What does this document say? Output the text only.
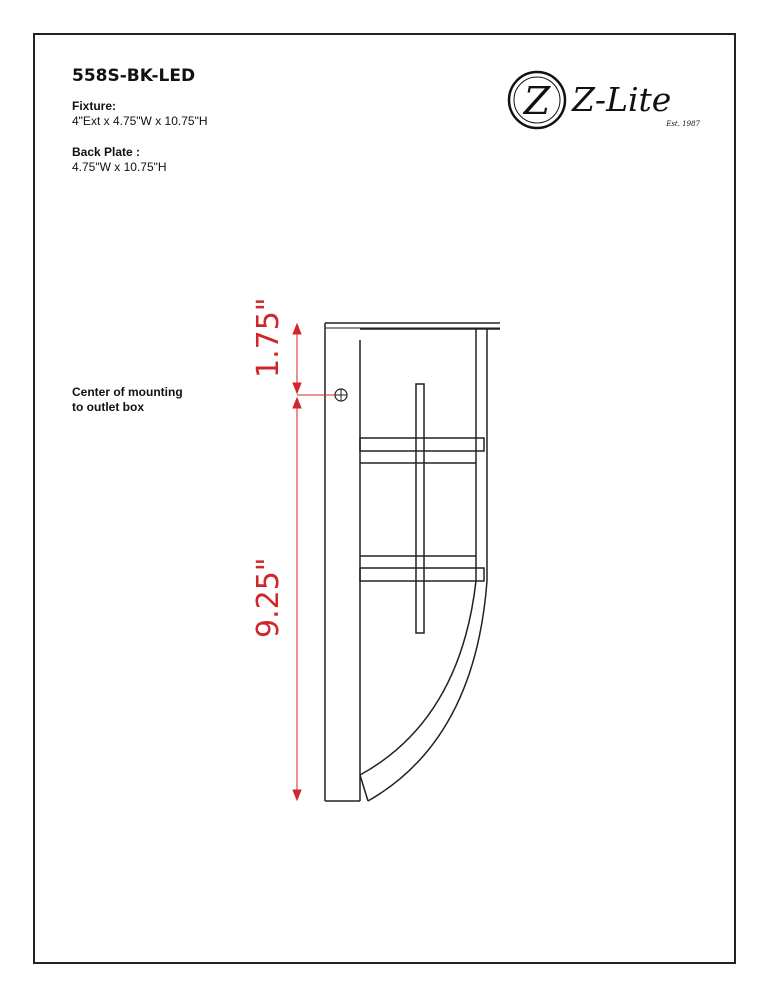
558S-BK-LED
Fixture:
4"Ext x 4.75"W x 10.75"H
Back Plate :
4.75"W x 10.75"H
Center of mounting
to outlet box
Z Z-Lite
Est. 1987
1.75"
9.25"
